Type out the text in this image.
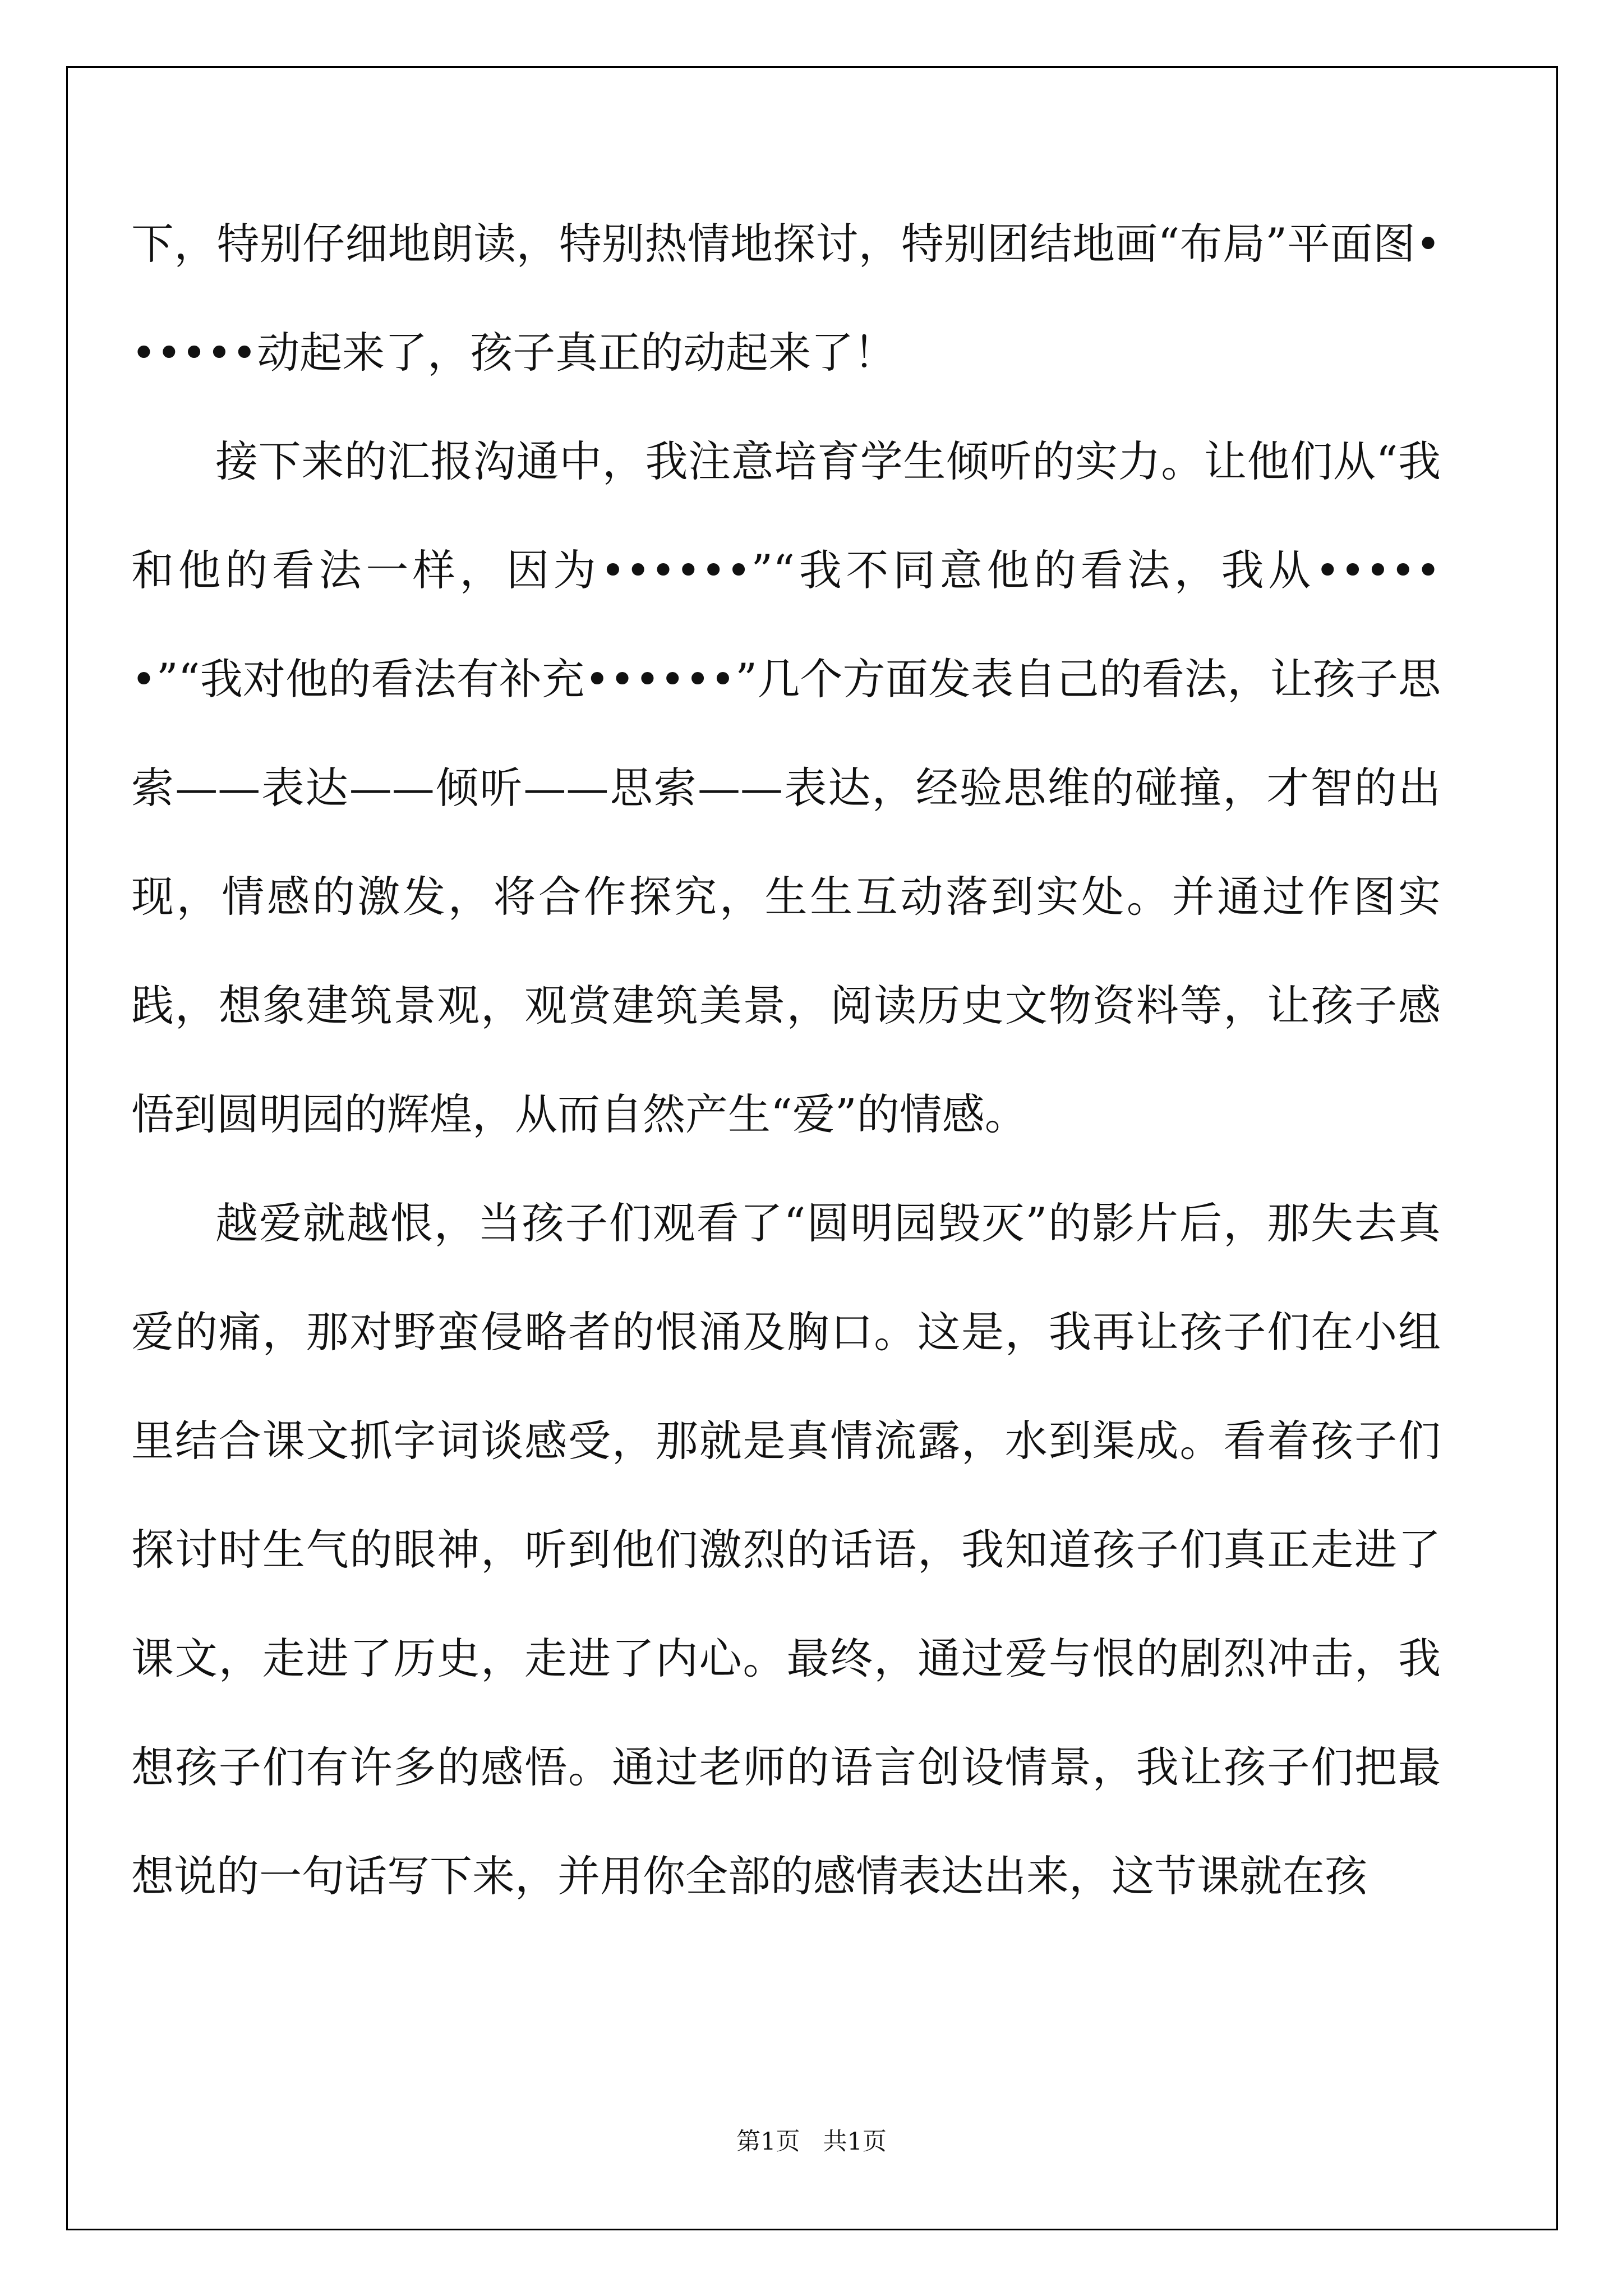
下，特别仔细地朗读，特别热情地探讨，特别团结地画“布局”平面图••••••动起来了，孩子真正的动起来了！

接下来的汇报沟通中，我注意培育学生倾听的实力。让他们从“我和他的看法一样，因为••••••”“我不同意他的看法，我从••••••”“我对他的看法有补充••••••”几个方面发表自己的看法，让孩子思索——表达——倾听——思索——表达，经验思维的碰撞，才智的出现，情感的激发，将合作探究，生生互动落到实处。并通过作图实践，想象建筑景观，观赏建筑美景，阅读历史文物资料等，让孩子感悟到圆明园的辉煌，从而自然产生“爱”的情感。

越爱就越恨，当孩子们观看了“圆明园毁灭”的影片后，那失去真爱的痛，那对野蛮侵略者的恨涌及胸口。这是，我再让孩子们在小组里结合课文抓字词谈感受，那就是真情流露，水到渠成。看着孩子们探讨时生气的眼神，听到他们激烈的话语，我知道孩子们真正走进了课文，走进了历史，走进了内心。最终，通过爱与恨的剧烈冲击，我想孩子们有许多的感悟。通过老师的语言创设情景，我让孩子们把最想说的一句话写下来，并用你全部的感情表达出来，这节课就在孩

第1页   共1页
